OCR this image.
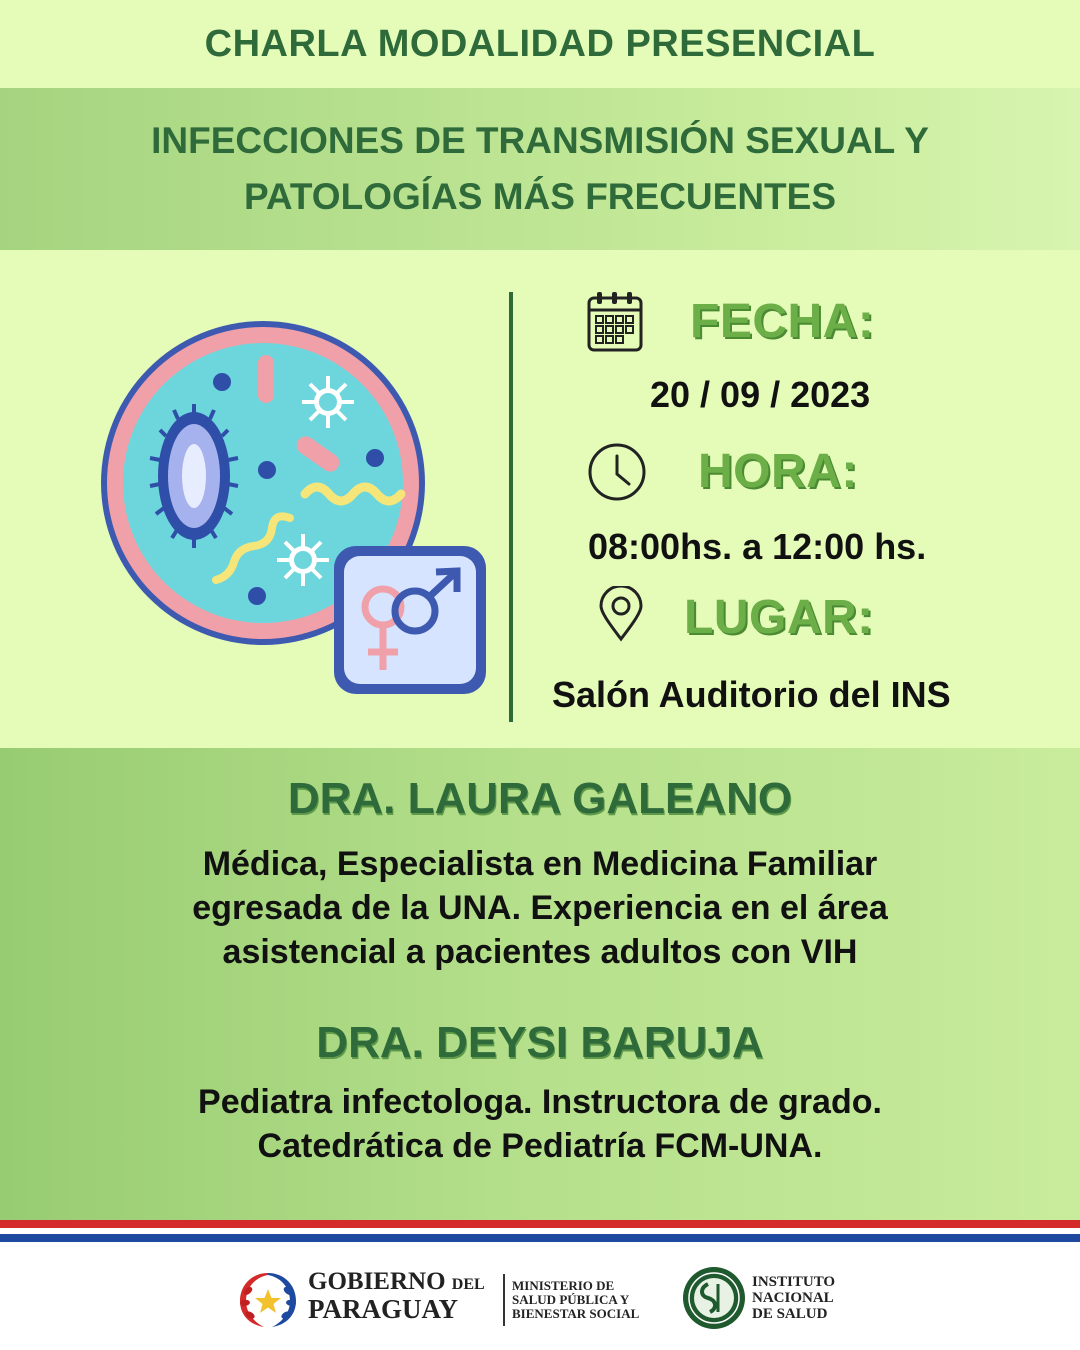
CHARLA MODALIDAD PRESENCIAL
INFECCIONES DE TRANSMISIÓN SEXUAL Y
PATOLOGÍAS MÁS FRECUENTES
FECHA:
20 / 09 / 2023
HORA:
08:00hs. a 12:00 hs.
LUGAR:
Salón Auditorio del INS
DRA. LAURA GALEANO
Médica, Especialista en Medicina Familiar
egresada de la UNA. Experiencia en el área
asistencial a pacientes adultos con VIH
DRA. DEYSI BARUJA
Pediatra infectologa. Instructora de grado.
Catedrática de Pediatría FCM-UNA.
GOBIERNO DEL
PARAGUAY
MINISTERIO DE
SALUD PÚBLICA Y
BIENESTAR SOCIAL
INSTITUTO
NACIONAL
DE SALUD
